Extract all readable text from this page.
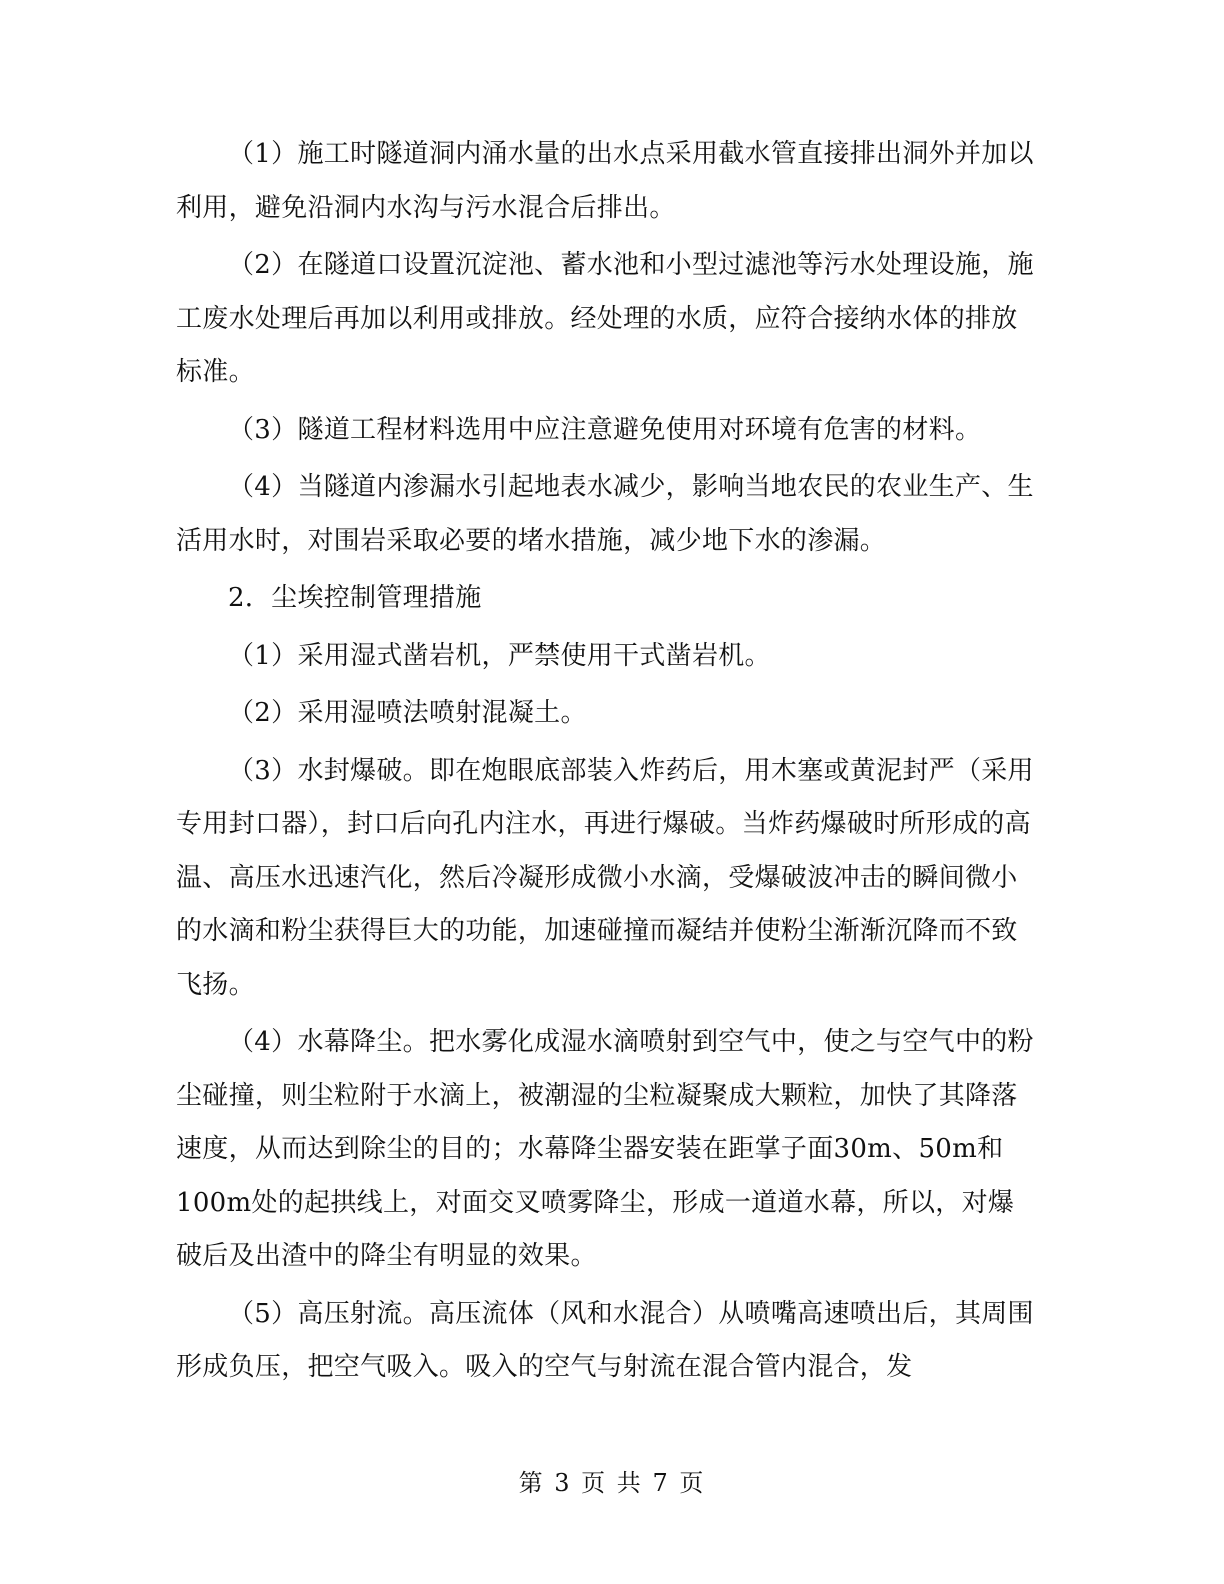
（1）施工时隧道洞内涌水量的出水点采用截水管直接排出洞外并加以利用，避免沿洞内水沟与污水混合后排出。

（2）在隧道口设置沉淀池、蓄水池和小型过滤池等污水处理设施，施工废水处理后再加以利用或排放。经处理的水质，应符合接纳水体的排放标准。

（3）隧道工程材料选用中应注意避免使用对环境有危害的材料。

（4）当隧道内渗漏水引起地表水减少，影响当地农民的农业生产、生活用水时，对围岩采取必要的堵水措施，减少地下水的渗漏。

2．尘埃控制管理措施

（1）采用湿式凿岩机，严禁使用干式凿岩机。

（2）采用湿喷法喷射混凝土。

（3）水封爆破。即在炮眼底部装入炸药后，用木塞或黄泥封严（采用专用封口器），封口后向孔内注水，再进行爆破。当炸药爆破时所形成的高温、高压水迅速汽化，然后冷凝形成微小水滴，受爆破波冲击的瞬间微小的水滴和粉尘获得巨大的功能，加速碰撞而凝结并使粉尘渐渐沉降而不致飞扬。

（4）水幕降尘。把水雾化成湿水滴喷射到空气中，使之与空气中的粉尘碰撞，则尘粒附于水滴上，被潮湿的尘粒凝聚成大颗粒，加快了其降落速度，从而达到除尘的目的；水幕降尘器安装在距掌子面30m、50m和100m处的起拱线上，对面交叉喷雾降尘，形成一道道水幕，所以，对爆破后及出渣中的降尘有明显的效果。

（5）高压射流。高压流体（风和水混合）从喷嘴高速喷出后，其周围形成负压，把空气吸入。吸入的空气与射流在混合管内混合，发

第 3 页 共 7 页
